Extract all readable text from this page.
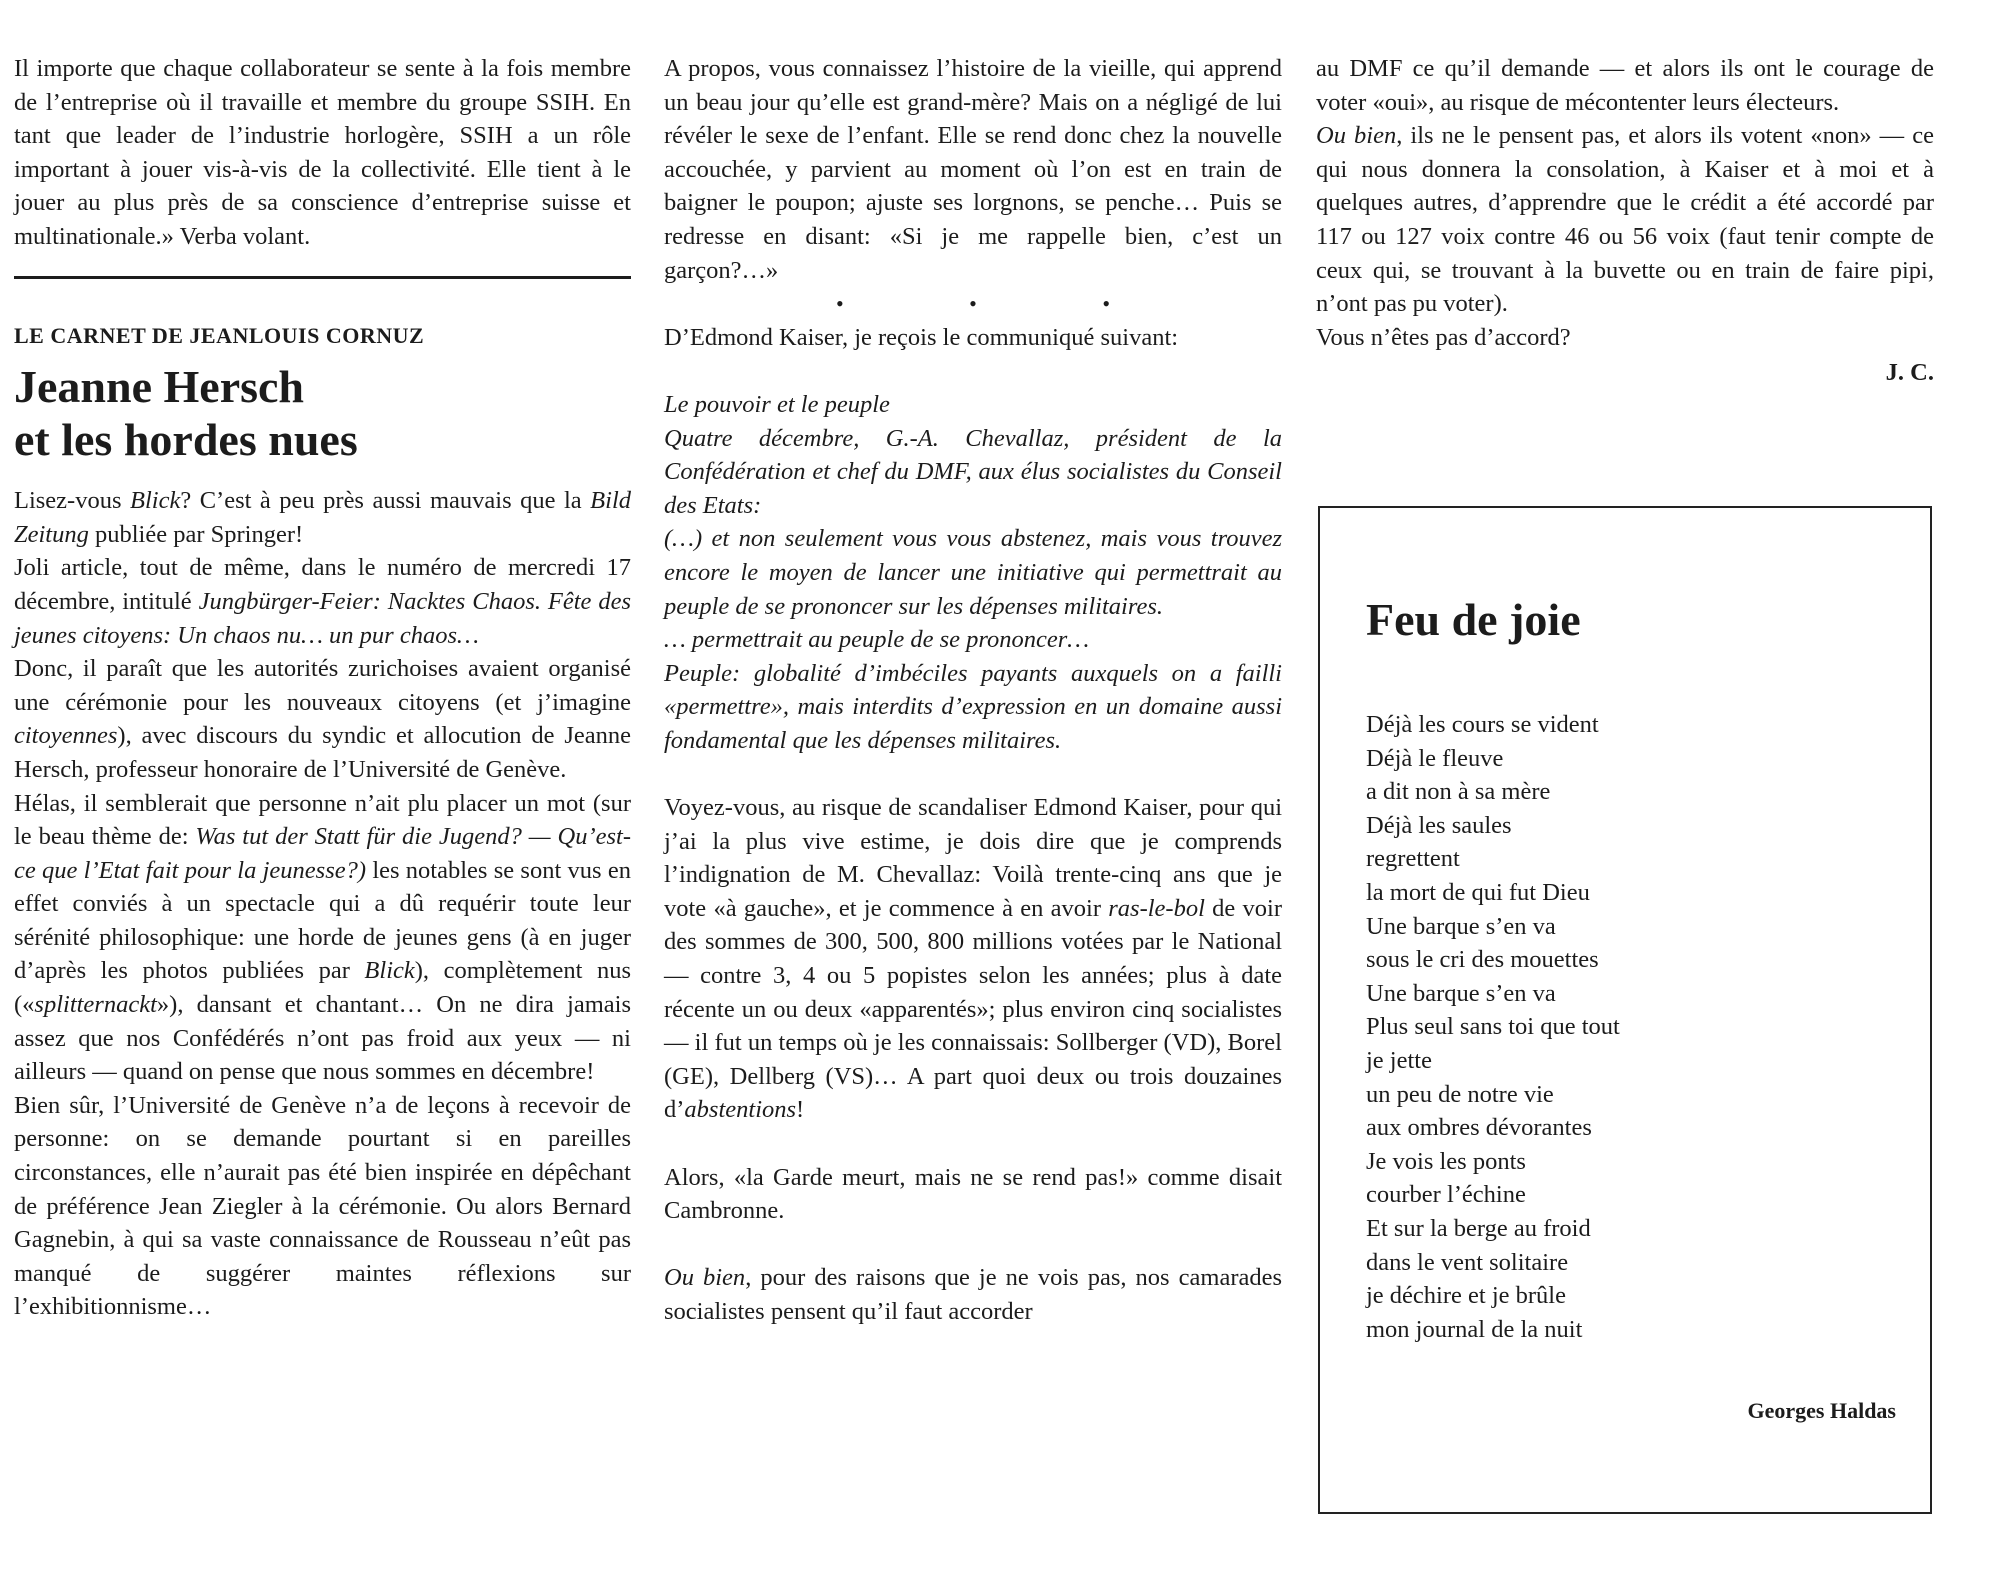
Il importe que chaque collaborateur se sente à la fois membre de l’entreprise où il travaille et membre du groupe SSIH. En tant que leader de l’industrie horlogère, SSIH a un rôle important à jouer vis-à-vis de la collectivité. Elle tient à le jouer au plus près de sa conscience d’entreprise suisse et multinationale.» Verba volant.

LE CARNET DE JEANLOUIS CORNUZ
Jeanne Hersch
et les hordes nues

Lisez-vous Blick? C’est à peu près aussi mauvais que la Bild Zeitung publiée par Springer!

Joli article, tout de même, dans le numéro de mercredi 17 décembre, intitulé Jungbürger-Feier: Nacktes Chaos. Fête des jeunes citoyens: Un chaos nu… un pur chaos…

Donc, il paraît que les autorités zurichoises avaient organisé une cérémonie pour les nouveaux citoyens (et j’imagine citoyennes), avec discours du syndic et allocution de Jeanne Hersch, professeur honoraire de l’Université de Genève.

Hélas, il semblerait que personne n’ait plu placer un mot (sur le beau thème de: Was tut der Statt für die Jugend? — Qu’est-ce que l’Etat fait pour la jeunesse?) les notables se sont vus en effet conviés à un spectacle qui a dû requérir toute leur sérénité philosophique: une horde de jeunes gens (à en juger d’après les photos publiées par Blick), complètement nus («splitternackt»), dansant et chantant… On ne dira jamais assez que nos Confédérés n’ont pas froid aux yeux — ni ailleurs — quand on pense que nous sommes en décembre!

Bien sûr, l’Université de Genève n’a de leçons à recevoir de personne: on se demande pourtant si en pareilles circonstances, elle n’aurait pas été bien inspirée en dépêchant de préférence Jean Ziegler à la cérémonie. Ou alors Bernard Gagnebin, à qui sa vaste connaissance de Rousseau n’eût pas manqué de suggérer maintes réflexions sur l’exhibitionnisme…

A propos, vous connaissez l’histoire de la vieille, qui apprend un beau jour qu’elle est grand-mère? Mais on a négligé de lui révéler le sexe de l’enfant. Elle se rend donc chez la nouvelle accouchée, y parvient au moment où l’on est en train de baigner le poupon; ajuste ses lorgnons, se penche… Puis se redresse en disant: «Si je me rappelle bien, c’est un garçon?…»

• • •

D’Edmond Kaiser, je reçois le communiqué suivant:

Le pouvoir et le peuple

Quatre décembre, G.-A. Chevallaz, président de la Confédération et chef du DMF, aux élus socialistes du Conseil des Etats:

(…) et non seulement vous vous abstenez, mais vous trouvez encore le moyen de lancer une initiative qui permettrait au peuple de se prononcer sur les dépenses militaires.

… permettrait au peuple de se prononcer…

Peuple: globalité d’imbéciles payants auxquels on a failli «permettre», mais interdits d’expression en un domaine aussi fondamental que les dépenses militaires.

Voyez-vous, au risque de scandaliser Edmond Kaiser, pour qui j’ai la plus vive estime, je dois dire que je comprends l’indignation de M. Chevallaz: Voilà trente-cinq ans que je vote «à gauche», et je commence à en avoir ras-le-bol de voir des sommes de 300, 500, 800 millions votées par le National — contre 3, 4 ou 5 popistes selon les années; plus à date récente un ou deux «apparentés»; plus environ cinq socialistes — il fut un temps où je les connaissais: Sollberger (VD), Borel (GE), Dellberg (VS)… A part quoi deux ou trois douzaines d’abstentions!

Alors, «la Garde meurt, mais ne se rend pas!» comme disait Cambronne.

Ou bien, pour des raisons que je ne vois pas, nos camarades socialistes pensent qu’il faut accorder

au DMF ce qu’il demande — et alors ils ont le courage de voter «oui», au risque de mécontenter leurs électeurs.

Ou bien, ils ne le pensent pas, et alors ils votent «non» — ce qui nous donnera la consolation, à Kaiser et à moi et à quelques autres, d’apprendre que le crédit a été accordé par 117 ou 127 voix contre 46 ou 56 voix (faut tenir compte de ceux qui, se trouvant à la buvette ou en train de faire pipi, n’ont pas pu voter).

Vous n’êtes pas d’accord?

J. C.
Feu de joie
Déjà les cours se vident
Déjà le fleuve
a dit non à sa mère
Déjà les saules
regrettent
la mort de qui fut Dieu
Une barque s’en va
sous le cri des mouettes
Une barque s’en va
Plus seul sans toi que tout
je jette
un peu de notre vie
aux ombres dévorantes
Je vois les ponts
courber l’échine
Et sur la berge au froid
dans le vent solitaire
je déchire et je brûle
mon journal de la nuit
Georges Haldas
